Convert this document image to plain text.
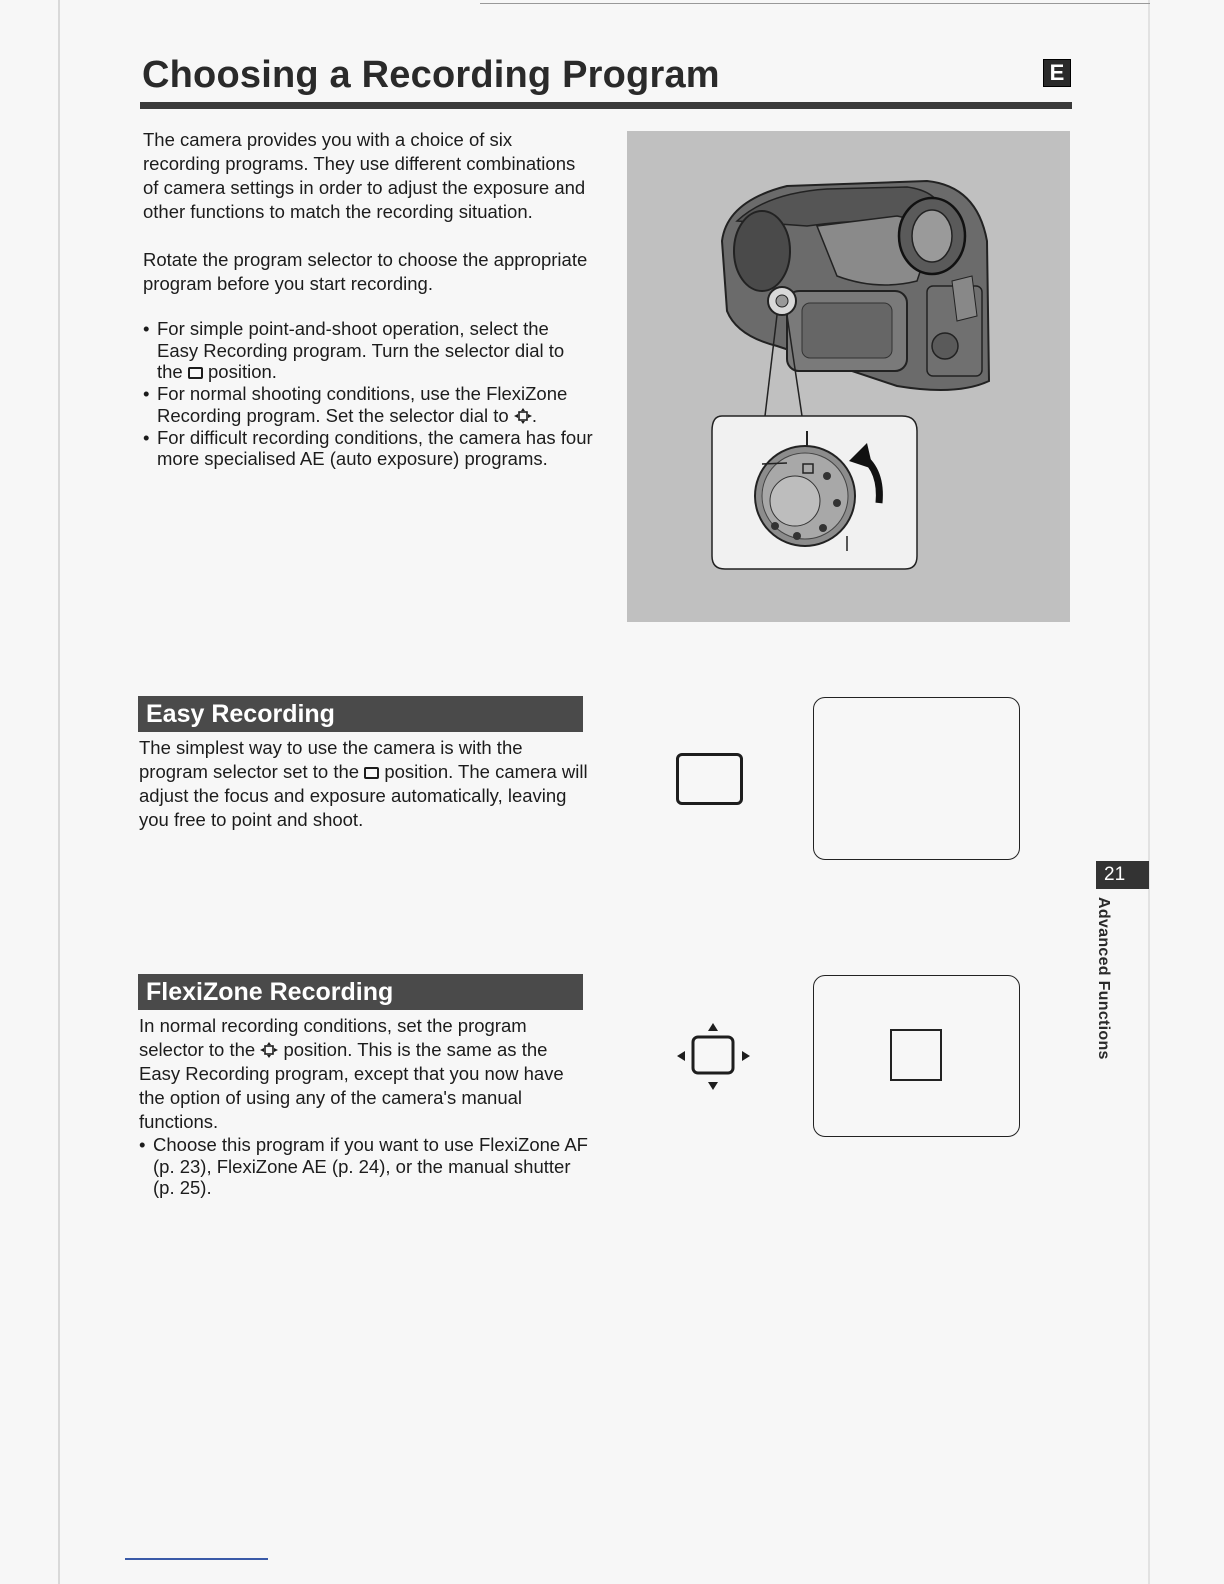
Choosing a Recording Program	E

The camera provides you with a choice of six recording programs. They use different combinations of camera settings in order to adjust the exposure and other functions to match the recording situation.

Rotate the program selector to choose the appropriate program before you start recording.

• For simple point-and-shoot operation, select the Easy Recording program. Turn the selector dial to the position.
• For normal shooting conditions, use the FlexiZone Recording program. Set the selector dial to .
• For difficult recording conditions, the camera has four more specialised AE (auto exposure) programs.
Easy Recording
The simplest way to use the camera is with the program selector set to the position. The camera will adjust the focus and exposure automatically, leaving you free to point and shoot.
FlexiZone Recording
In normal recording conditions, set the program selector to the position. This is the same as the Easy Recording program, except that you now have the option of using any of the camera's manual functions.
• Choose this program if you want to use FlexiZone AF (p. 23), FlexiZone AE (p. 24), or the manual shutter (p. 25).
21
Advanced Functions
